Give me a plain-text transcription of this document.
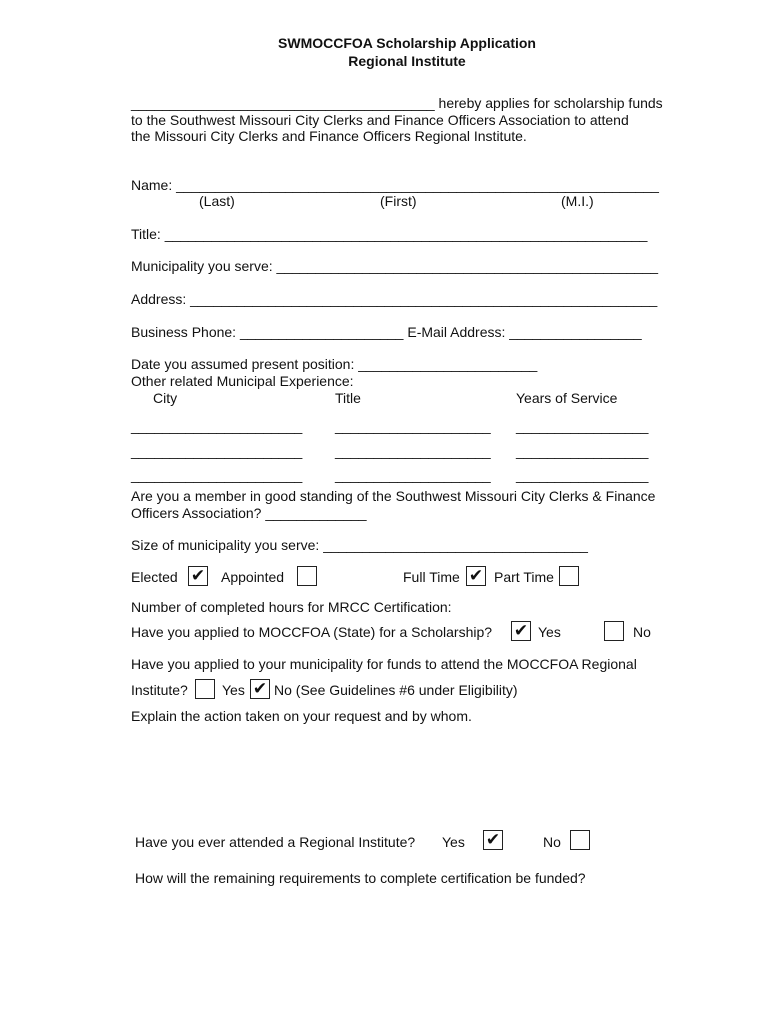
SWMOCCFOA Scholarship Application
Regional Institute
_______________________________________ hereby applies for scholarship funds
to the Southwest Missouri City Clerks and Finance Officers Association to attend
the Missouri City Clerks and Finance Officers Regional Institute.
Name: ______________________________________________________________
(Last)	(First)	(M.I.)
Title: ______________________________________________________________
Municipality you serve: _________________________________________________
Address: ____________________________________________________________
Business Phone: _____________________ E-Mail Address: _________________
Date you assumed present position: _______________________
Other related Municipal Experience:
City	Title	Years of Service
______________________ ____________________ _________________
______________________ ____________________ _________________
______________________ ____________________ _________________
Are you a member in good standing of the Southwest Missouri City Clerks & Finance
Officers Association? _____________
Size of municipality you serve: __________________________________
Elected ✔ Appointed	Full Time ✔ Part Time
Number of completed hours for MRCC Certification:
Have you applied to MOCCFOA (State) for a Scholarship? ✔ Yes	No
Have you applied to your municipality for funds to attend the MOCCFOA Regional
Institute? Yes ✔ No (See Guidelines #6 under Eligibility)
Explain the action taken on your request and by whom.
Have you ever attended a Regional Institute? Yes ✔	No
How will the remaining requirements to complete certification be funded?
